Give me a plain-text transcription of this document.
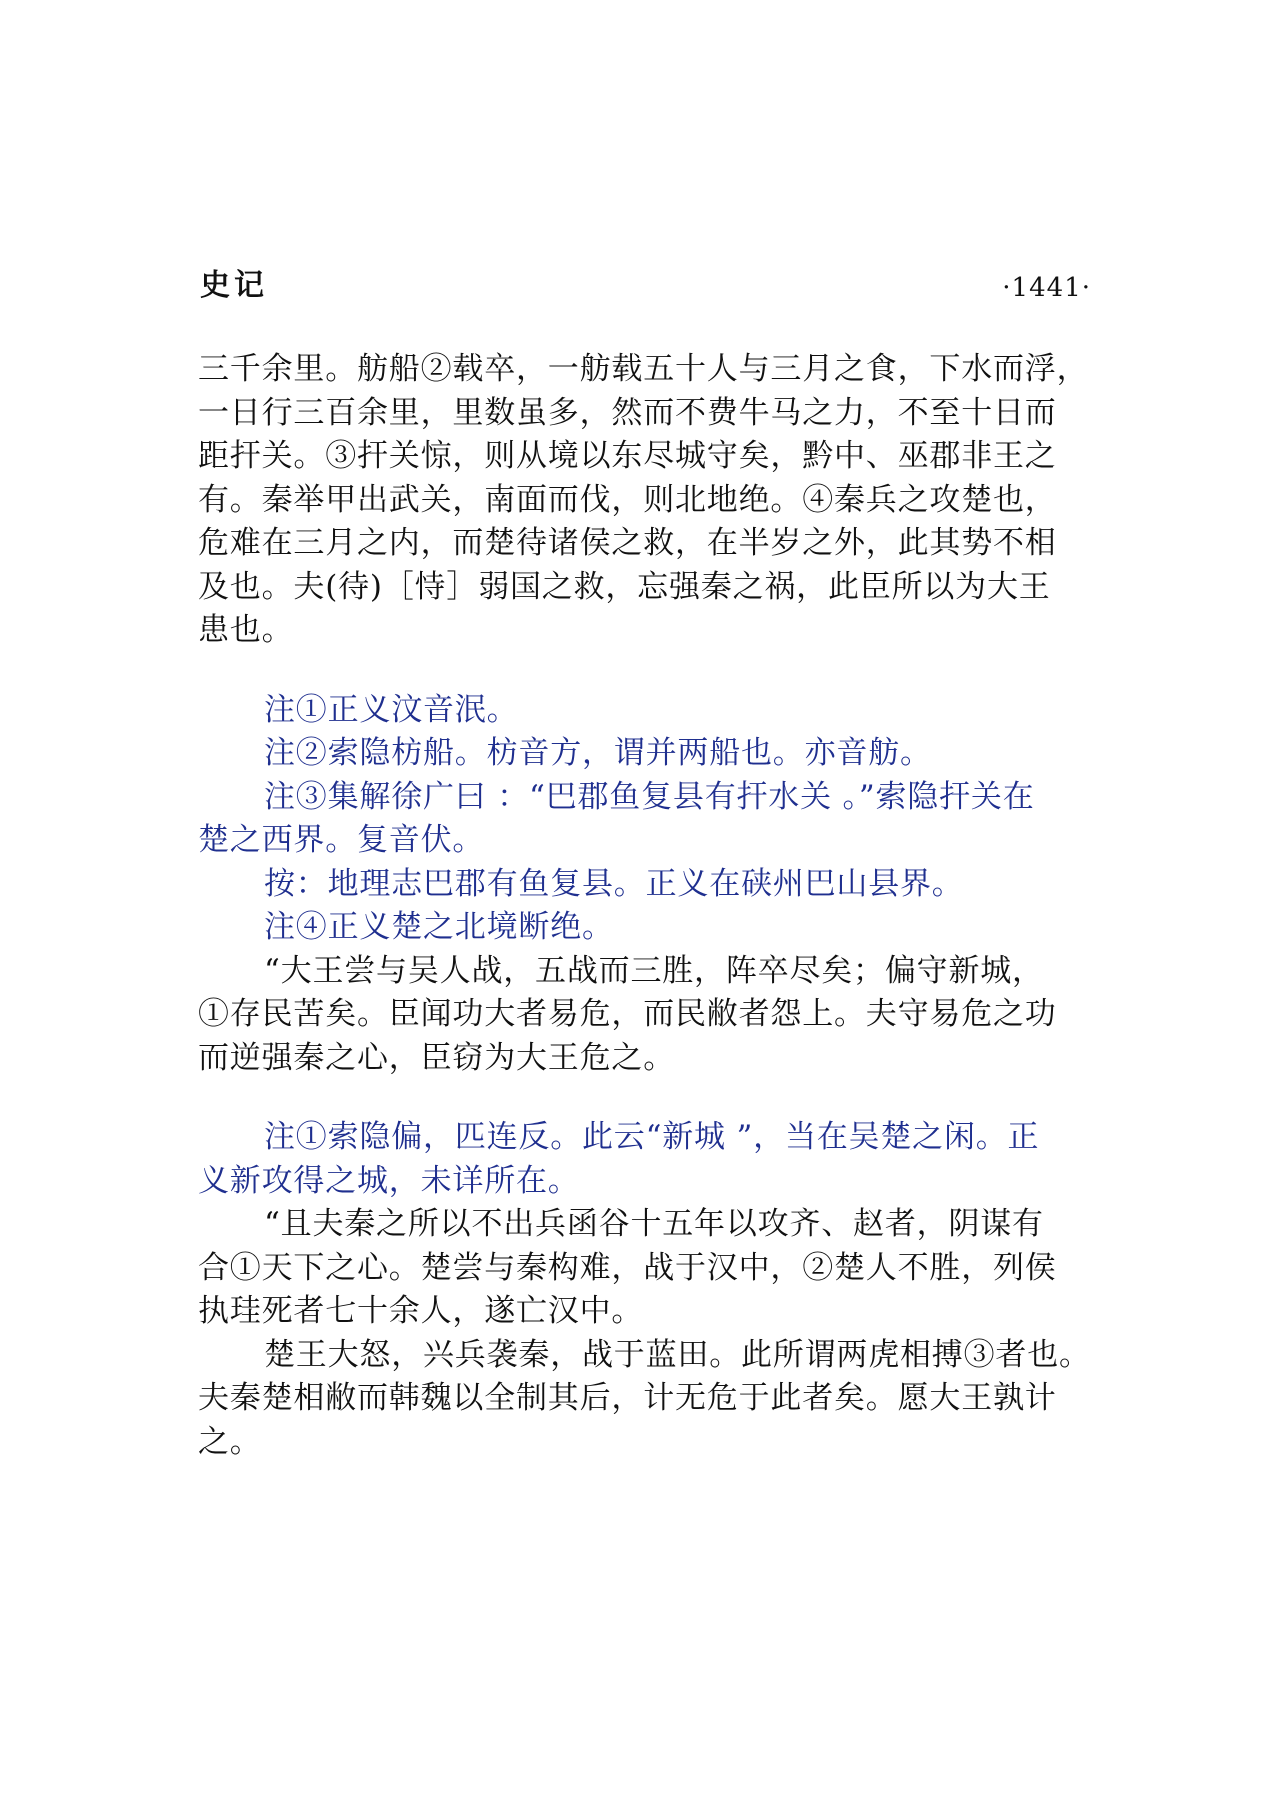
史记	·1441·
三千余里。舫船②载卒，一舫载五十人与三月之食，下水而浮，
一日行三百余里，里数虽多，然而不费牛马之力，不至十日而
距扞关。③扞关惊，则从境以东尽城守矣，黔中、巫郡非王之
有。秦举甲出武关，南面而伐，则北地绝。④秦兵之攻楚也，
危难在三月之内，而楚待诸侯之救，在半岁之外，此其势不相
及也。夫(待)［恃］弱国之救，忘强秦之祸，此臣所以为大王
患也。
注①正义汶音泯。
注②索隐枋船。枋音方，谓并两船也。亦音舫。
注③集解徐广曰 ：“巴郡鱼复县有扞水关 。”索隐扞关在
楚之西界。复音伏。
按：地理志巴郡有鱼复县。正义在硖州巴山县界。
注④正义楚之北境断绝。
“大王尝与吴人战，五战而三胜，阵卒尽矣；偏守新城，
①存民苦矣。臣闻功大者易危，而民敝者怨上。夫守易危之功
而逆强秦之心，臣窃为大王危之。
注①索隐偏，匹连反。此云“新城 ”，当在吴楚之闲。正
义新攻得之城，未详所在。
“且夫秦之所以不出兵函谷十五年以攻齐、赵者，阴谋有
合①天下之心。楚尝与秦构难，战于汉中，②楚人不胜，列侯
执珪死者七十余人，遂亡汉中。
楚王大怒，兴兵袭秦，战于蓝田。此所谓两虎相搏③者也。
夫秦楚相敝而韩魏以全制其后，计无危于此者矣。愿大王孰计
之。
